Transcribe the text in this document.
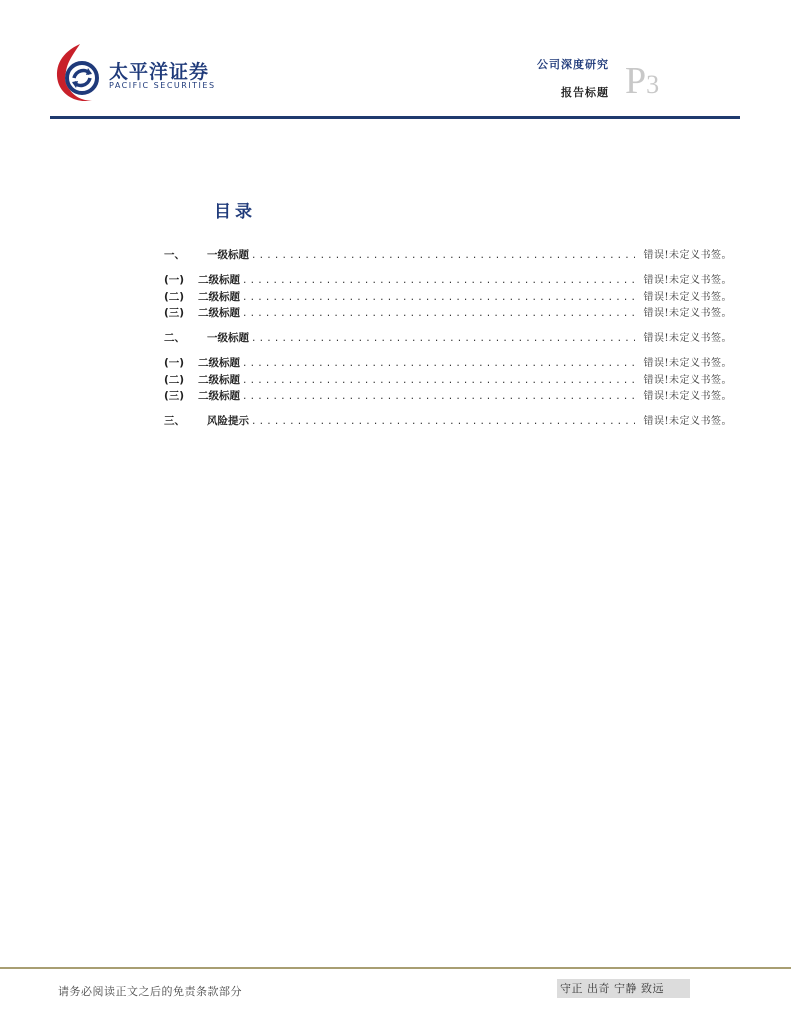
太平洋证券
PACIFIC SECURITIES
公司深度研究
报告标题 P3
目录
一、	一级标题 .....	错误!未定义书签。
(一)	二级标题 .....	错误!未定义书签。
(二)	二级标题 .....	错误!未定义书签。
(三)	二级标题 .....	错误!未定义书签。
二、	一级标题 .....	错误!未定义书签。
(一)	二级标题 .....	错误!未定义书签。
(二)	二级标题 .....	错误!未定义书签。
(三)	二级标题 .....	错误!未定义书签。
三、	风险提示 .....	错误!未定义书签。
请务必阅读正文之后的免责条款部分	守正 出奇 宁静 致远
